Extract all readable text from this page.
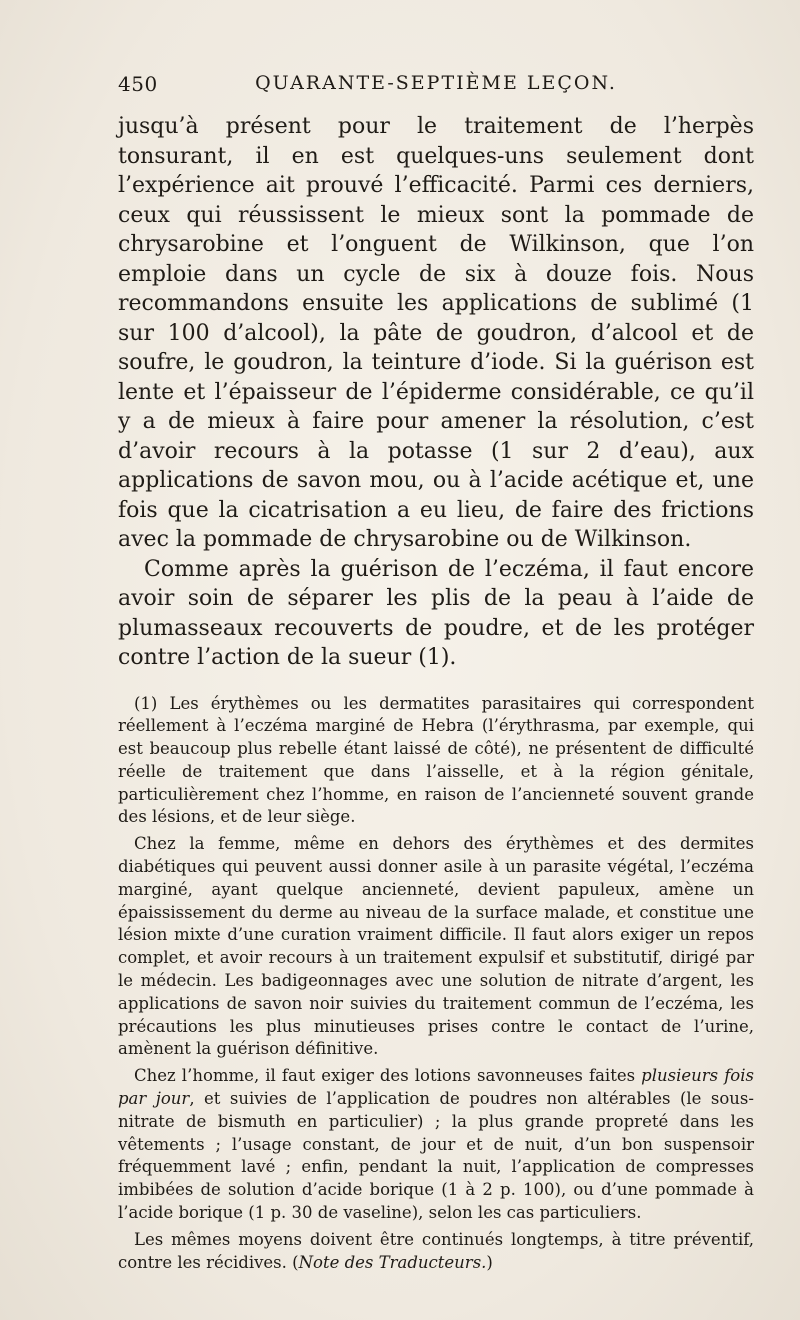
450	QUARANTE-SEPTIÈME LEÇON.

jusqu’à présent pour le traitement de l’herpès tonsurant, il en est quelques-uns seulement dont l’expérience ait prouvé l’efficacité. Parmi ces derniers, ceux qui réussissent le mieux sont la pommade de chrysarobine et l’onguent de Wilkinson, que l’on emploie dans un cycle de six à douze fois. Nous recommandons ensuite les applications de sublimé (1 sur 100 d’alcool), la pâte de goudron, d’alcool et de soufre, le goudron, la teinture d’iode. Si la guérison est lente et l’épaisseur de l’épiderme considérable, ce qu’il y a de mieux à faire pour amener la résolution, c’est d’avoir recours à la potasse (1 sur 2 d’eau), aux applications de savon mou, ou à l’acide acétique et, une fois que la cicatrisation a eu lieu, de faire des frictions avec la pommade de chrysarobine ou de Wilkinson.

Comme après la guérison de l’eczéma, il faut encore avoir soin de séparer les plis de la peau à l’aide de plumasseaux recouverts de poudre, et de les protéger contre l’action de la sueur (1).

(1) Les érythèmes ou les dermatites parasitaires qui correspondent réellement à l’eczéma marginé de Hebra (l’érythrasma, par exemple, qui est beaucoup plus rebelle étant laissé de côté), ne présentent de difficulté réelle de traitement que dans l’aisselle, et à la région génitale, particulièrement chez l’homme, en raison de l’ancienneté souvent grande des lésions, et de leur siège.

Chez la femme, même en dehors des érythèmes et des dermites diabétiques qui peuvent aussi donner asile à un parasite végétal, l’eczéma marginé, ayant quelque ancienneté, devient papuleux, amène un épaississement du derme au niveau de la surface malade, et constitue une lésion mixte d’une curation vraiment difficile. Il faut alors exiger un repos complet, et avoir recours à un traitement expulsif et substitutif, dirigé par le médecin. Les badigeonnages avec une solution de nitrate d’argent, les applications de savon noir suivies du traitement commun de l’eczéma, les précautions les plus minutieuses prises contre le contact de l’urine, amènent la guérison définitive.

Chez l’homme, il faut exiger des lotions savonneuses faites plusieurs fois par jour, et suivies de l’application de poudres non altérables (le sous-nitrate de bismuth en particulier) ; la plus grande propreté dans les vêtements ; l’usage constant, de jour et de nuit, d’un bon suspensoir fréquemment lavé ; enfin, pendant la nuit, l’application de compresses imbibées de solution d’acide borique (1 à 2 p. 100), ou d’une pommade à l’acide borique (1 p. 30 de vaseline), selon les cas particuliers.

Les mêmes moyens doivent être continués longtemps, à titre préventif, contre les récidives. (Note des Traducteurs.)
